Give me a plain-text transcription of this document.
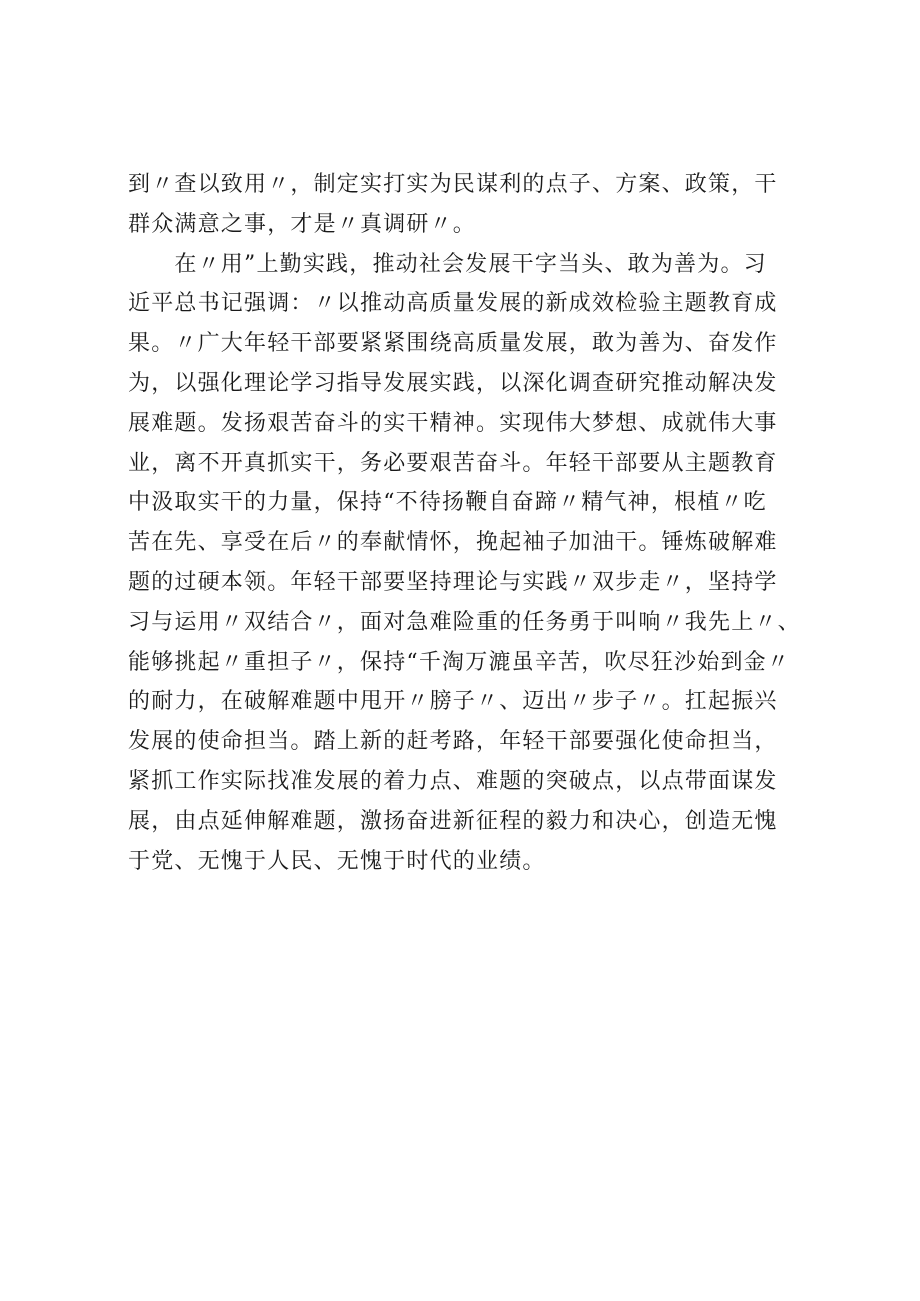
到〃查以致用〃，制定实打实为民谋利的点子、方案、政策，干
群众满意之事，才是〃真调研〃。
　　在〃用”上勤实践，推动社会发展干字当头、敢为善为。习
近平总书记强调：〃以推动高质量发展的新成效检验主题教育成
果。〃广大年轻干部要紧紧围绕高质量发展，敢为善为、奋发作
为，以强化理论学习指导发展实践，以深化调查研究推动解决发
展难题。发扬艰苦奋斗的实干精神。实现伟大梦想、成就伟大事
业，离不开真抓实干，务必要艰苦奋斗。年轻干部要从主题教育
中汲取实干的力量，保持“不待扬鞭自奋蹄〃精气神，根植〃吃
苦在先、享受在后〃的奉献情怀，挽起袖子加油干。锤炼破解难
题的过硬本领。年轻干部要坚持理论与实践〃双步走〃，坚持学
习与运用〃双结合〃，面对急难险重的任务勇于叫响〃我先上〃、
能够挑起〃重担子〃，保持“千淘万漉虽辛苦，吹尽狂沙始到金〃
的耐力，在破解难题中甩开〃膀子〃、迈出〃步子〃。扛起振兴
发展的使命担当。踏上新的赶考路，年轻干部要强化使命担当，
紧抓工作实际找准发展的着力点、难题的突破点，以点带面谋发
展，由点延伸解难题，激扬奋进新征程的毅力和决心，创造无愧
于党、无愧于人民、无愧于时代的业绩。
